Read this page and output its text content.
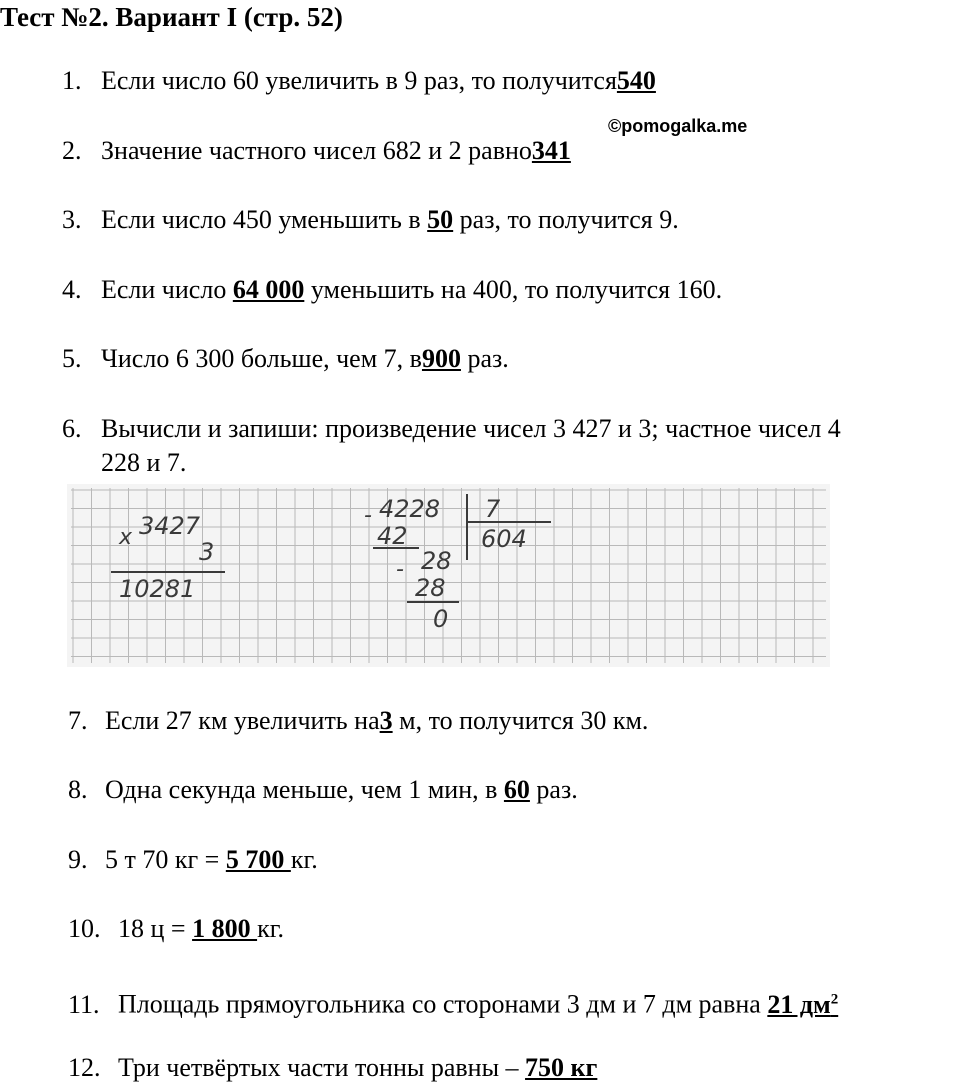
Тест №2. Вариант I (стр. 52)
©pomogalka.me
1. Если число 60 увеличить в 9 раз, то получится540
2. Значение частного чисел 682 и 2 равно341
3. Если число 450 уменьшить в 50 раз, то получится 9.
4. Если число 64 000 уменьшить на 400, то получится 160.
5. Число 6 300 больше, чем 7, в900 раз.
6. Вычисли и запиши: произведение чисел 3 427 и 3; частное чисел 4
228 и 7.
x 3427
3
10281
- 4228 7
604
42
- 28
28
0
7. Если 27 км увеличить на3 м, то получится 30 км.
8. Одна секунда меньше, чем 1 мин, в 60 раз.
9. 5 т 70 кг = 5 700 кг.
10. 18 ц = 1 800 кг.
11. Площадь прямоугольника со сторонами 3 дм и 7 дм равна 21 $дм^2$
12. Три четвёртых части тонны равны – 750 кг
